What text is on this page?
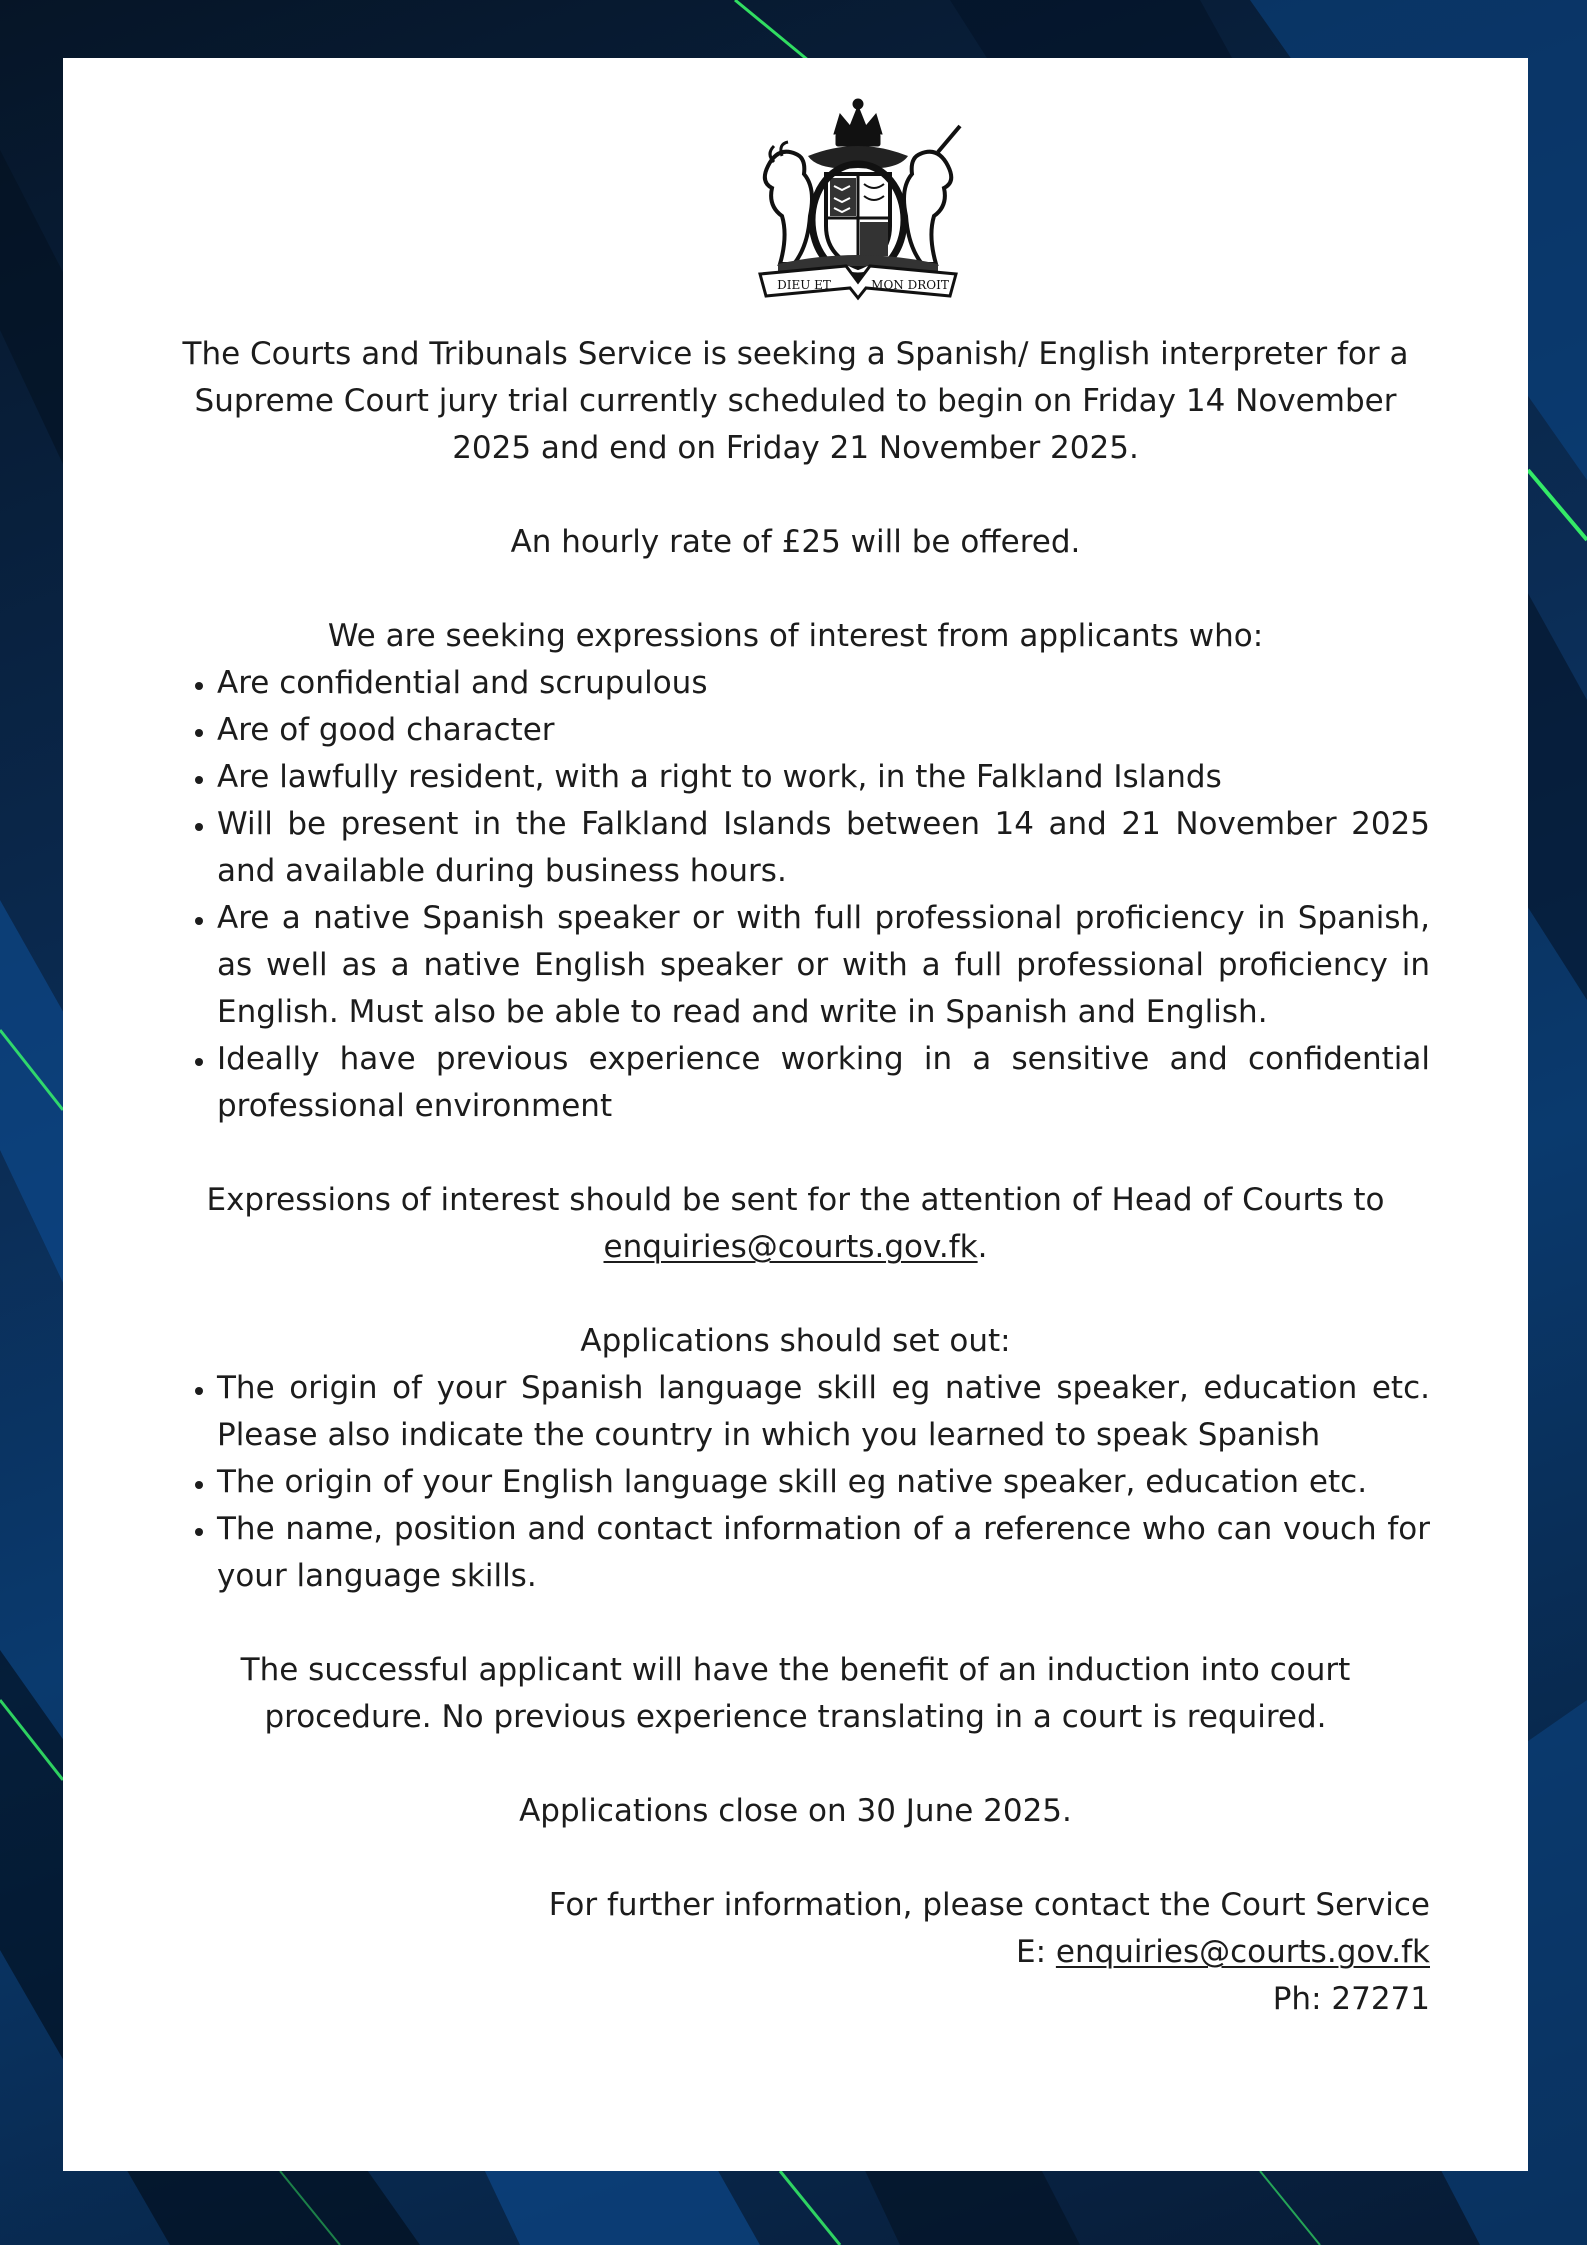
DIEU ET	MON DROIT
The Courts and Tribunals Service is seeking a Spanish/ English interpreter for a Supreme Court jury trial currently scheduled to begin on Friday 14 November 2025 and end on Friday 21 November 2025.
An hourly rate of £25 will be offered.
We are seeking expressions of interest from applicants who:
• Are confidential and scrupulous
• Are of good character
• Are lawfully resident, with a right to work, in the Falkland Islands
• Will be present in the Falkland Islands between 14 and 21 November 2025 and available during business hours.
• Are a native Spanish speaker or with full professional proficiency in Spanish, as well as a native English speaker or with a full professional proficiency in English. Must also be able to read and write in Spanish and English.
• Ideally have previous experience working in a sensitive and confidential professional environment
Expressions of interest should be sent for the attention of Head of Courts to
enquiries@courts.gov.fk.
Applications should set out:
• The origin of your Spanish language skill eg native speaker, education etc. Please also indicate the country in which you learned to speak Spanish
• The origin of your English language skill eg native speaker, education etc.
• The name, position and contact information of a reference who can vouch for your language skills.
The successful applicant will have the benefit of an induction into court procedure. No previous experience translating in a court is required.
Applications close on 30 June 2025.
For further information, please contact the Court Service
E: enquiries@courts.gov.fk
Ph: 27271
